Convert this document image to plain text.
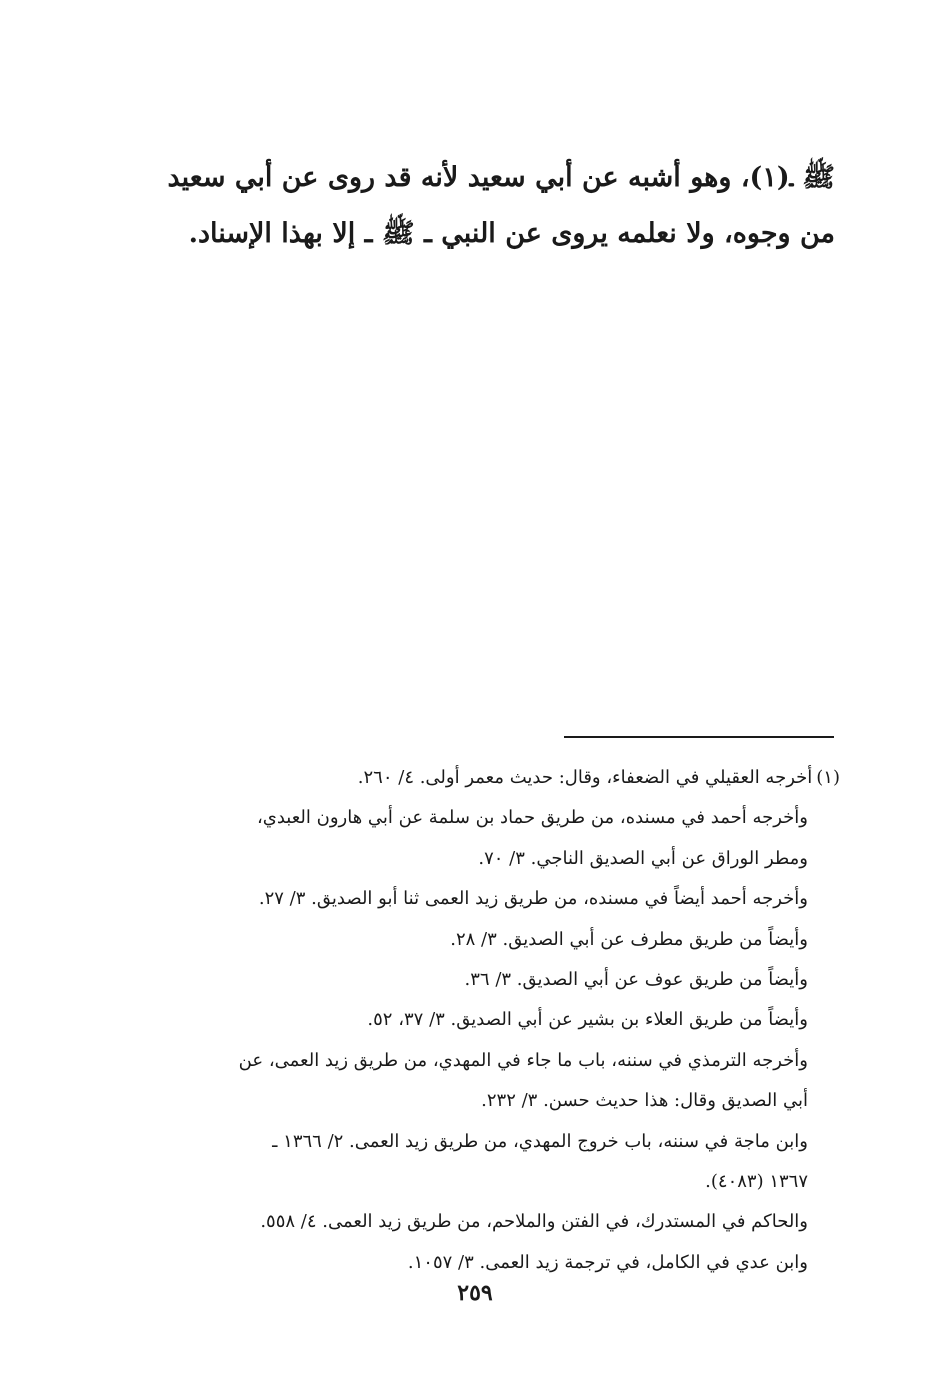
ﷺ ـ(١)، وهو أشبه عن أبي سعيد لأنه قد روى عن أبي سعيد
من وجوه، ولا نعلمه يروى عن النبي ـ ﷺ ـ إلا بهذا الإسناد.
(١)أخرجه العقيلي في الضعفاء، وقال: حديث معمر أولى. ٤/ ٢٦٠.
وأخرجه أحمد في مسنده، من طريق حماد بن سلمة عن أبي هارون العبدي،
ومطر الوراق عن أبي الصديق الناجي. ٣/ ٧٠.
وأخرجه أحمد أيضاً في مسنده، من طريق زيد العمى ثنا أبو الصديق. ٣/ ٢٧.
وأيضاً من طريق مطرف عن أبي الصديق. ٣/ ٢٨.
وأيضاً من طريق عوف عن أبي الصديق. ٣/ ٣٦.
وأيضاً من طريق العلاء بن بشير عن أبي الصديق. ٣/ ٣٧، ٥٢.
وأخرجه الترمذي في سننه، باب ما جاء في المهدي، من طريق زيد العمى، عن
أبي الصديق وقال: هذا حديث حسن. ٣/ ٢٣٢.
وابن ماجة في سننه، باب خروج المهدي، من طريق زيد العمى. ٢/ ١٣٦٦ ـ
١٣٦٧ (٤٠٨٣).
والحاكم في المستدرك، في الفتن والملاحم، من طريق زيد العمى. ٤/ ٥٥٨.
وابن عدي في الكامل، في ترجمة زيد العمى. ٣/ ١٠٥٧.
٢٥٩
